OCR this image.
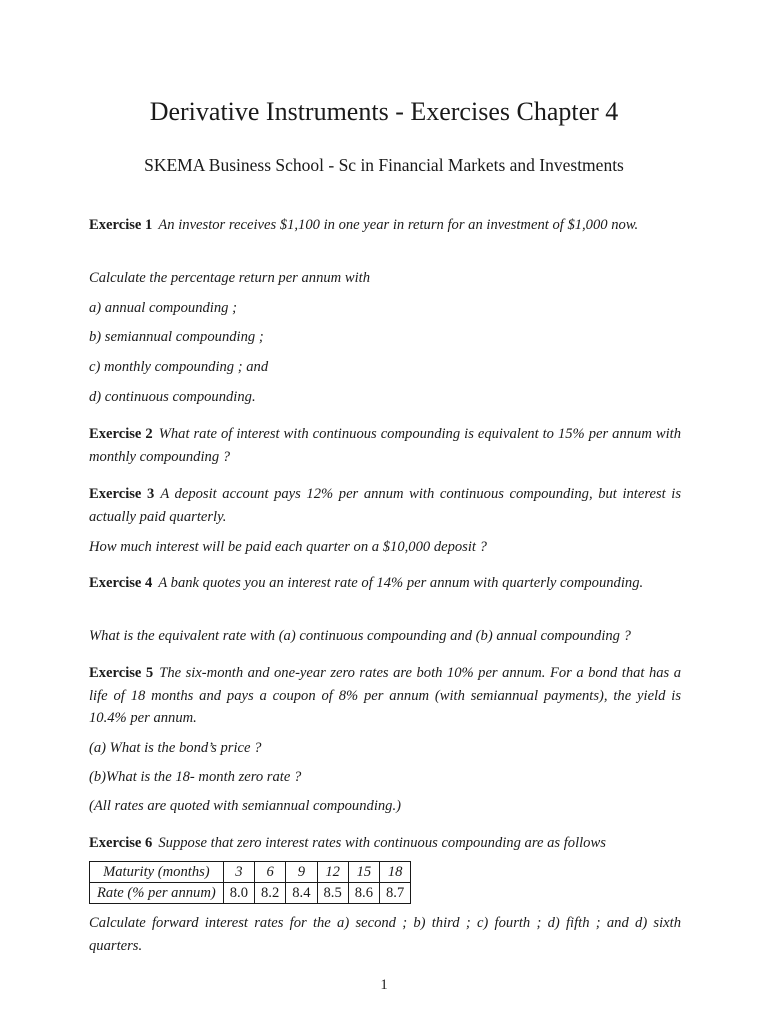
Derivative Instruments - Exercises Chapter 4
SKEMA Business School - Sc in Financial Markets and Investments

Exercise 1 An investor receives $1,100 in one year in return for an investment of $1,000 now.

Calculate the percentage return per annum with

a) annual compounding ;

b) semiannual compounding ;

c) monthly compounding ; and

d) continuous compounding.

Exercise 2 What rate of interest with continuous compounding is equivalent to 15% per annum with monthly compounding ?

Exercise 3 A deposit account pays 12% per annum with continuous compounding, but interest is actually paid quarterly.

How much interest will be paid each quarter on a $10,000 deposit ?

Exercise 4 A bank quotes you an interest rate of 14% per annum with quarterly compounding.

What is the equivalent rate with (a) continuous compounding and (b) annual compounding ?

Exercise 5 The six-month and one-year zero rates are both 10% per annum. For a bond that has a life of 18 months and pays a coupon of 8% per annum (with semiannual payments), the yield is 10.4% per annum.

(a) What is the bond’s price ?

(b)What is the 18- month zero rate ?

(All rates are quoted with semiannual compounding.)

Exercise 6 Suppose that zero interest rates with continuous compounding are as follows

Maturity (months)	3	6	9	12	15	18
Rate (% per annum)	8.0	8.2	8.4	8.5	8.6	8.7

Calculate forward interest rates for the a) second ; b) third ; c) fourth ; d) fifth ; and d) sixth quarters.

1
